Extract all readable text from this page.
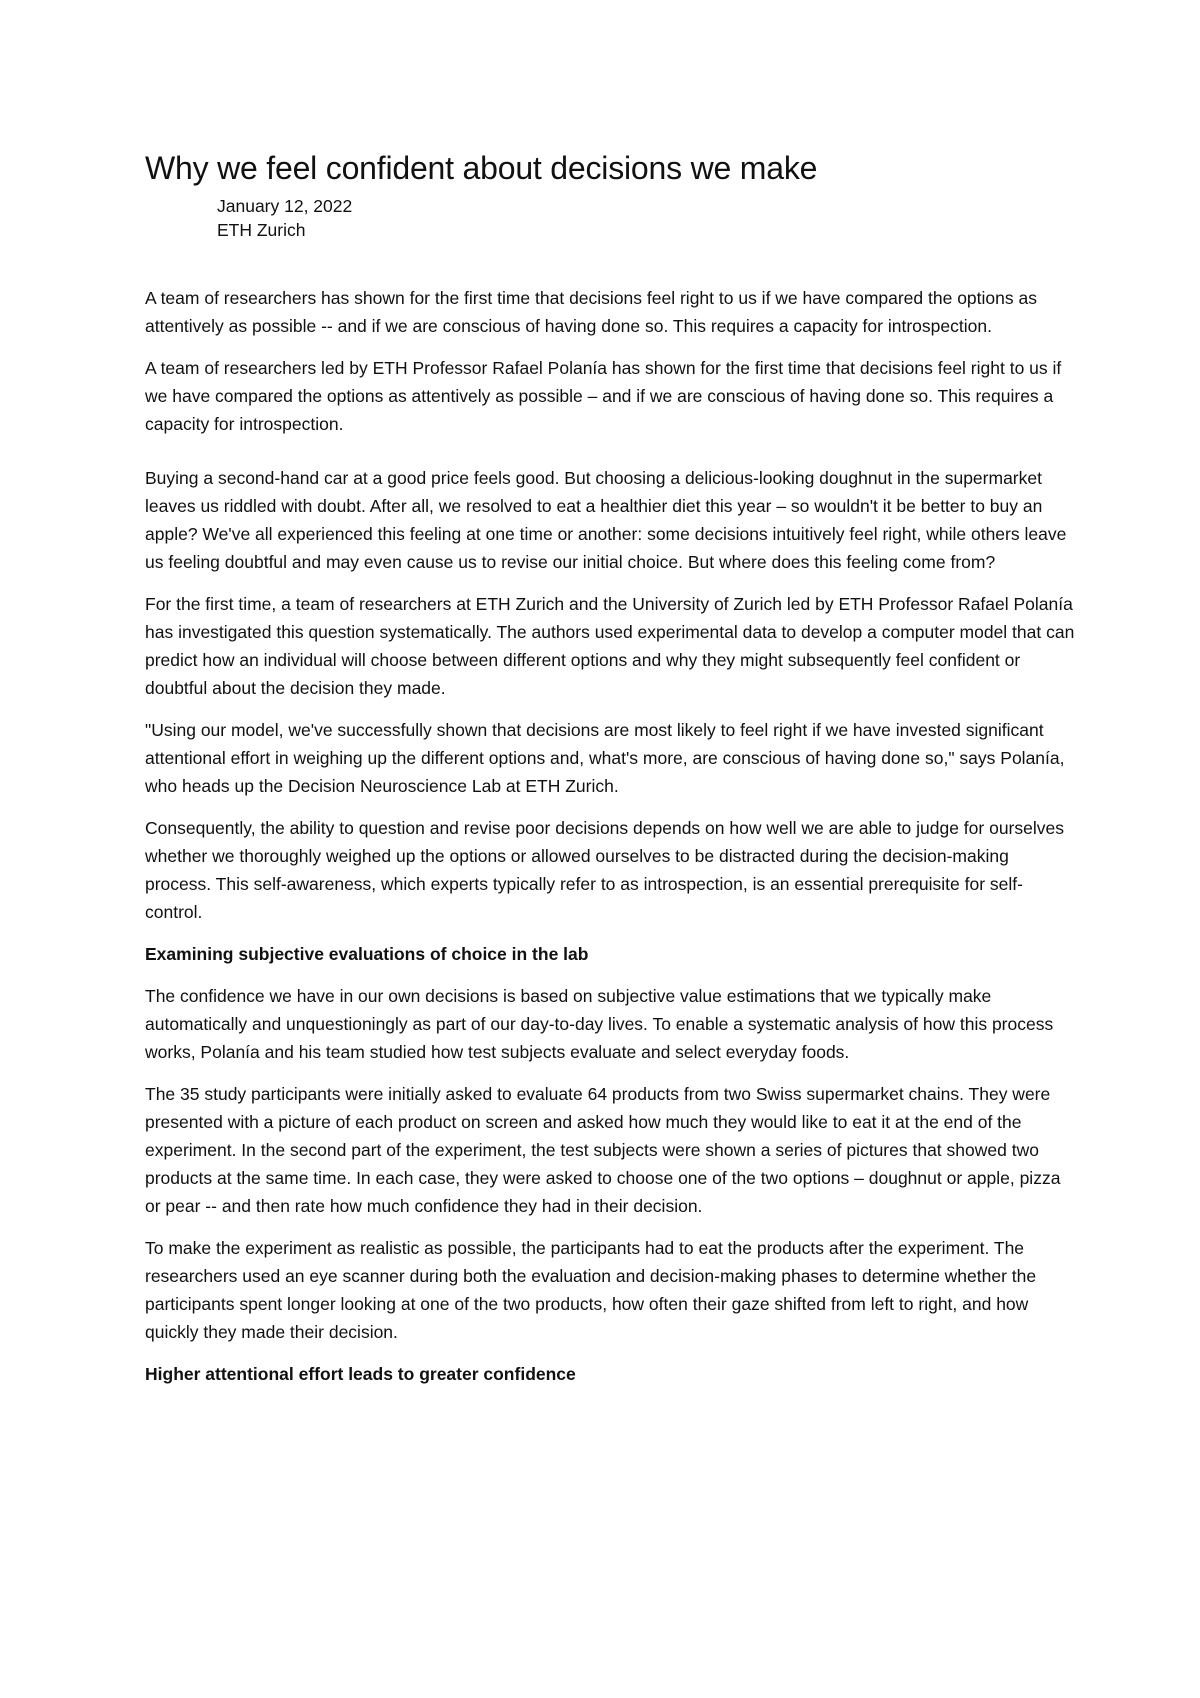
Why we feel confident about decisions we make
January 12, 2022
ETH Zurich

A team of researchers has shown for the first time that decisions feel right to us if we have compared the options as attentively as possible -- and if we are conscious of having done so. This requires a capacity for introspection.

A team of researchers led by ETH Professor Rafael Polanía has shown for the first time that decisions feel right to us if we have compared the options as attentively as possible – and if we are conscious of having done so. This requires a capacity for introspection.

Buying a second-hand car at a good price feels good. But choosing a delicious-looking doughnut in the supermarket leaves us riddled with doubt. After all, we resolved to eat a healthier diet this year – so wouldn't it be better to buy an apple? We've all experienced this feeling at one time or another: some decisions intuitively feel right, while others leave us feeling doubtful and may even cause us to revise our initial choice. But where does this feeling come from?

For the first time, a team of researchers at ETH Zurich and the University of Zurich led by ETH Professor Rafael Polanía has investigated this question systematically. The authors used experimental data to develop a computer model that can predict how an individual will choose between different options and why they might subsequently feel confident or doubtful about the decision they made.

"Using our model, we've successfully shown that decisions are most likely to feel right if we have invested significant attentional effort in weighing up the different options and, what's more, are conscious of having done so," says Polanía, who heads up the Decision Neuroscience Lab at ETH Zurich.

Consequently, the ability to question and revise poor decisions depends on how well we are able to judge for ourselves whether we thoroughly weighed up the options or allowed ourselves to be distracted during the decision-making process. This self-awareness, which experts typically refer to as introspection, is an essential prerequisite for self-control.

Examining subjective evaluations of choice in the lab

The confidence we have in our own decisions is based on subjective value estimations that we typically make automatically and unquestioningly as part of our day-to-day lives. To enable a systematic analysis of how this process works, Polanía and his team studied how test subjects evaluate and select everyday foods.

The 35 study participants were initially asked to evaluate 64 products from two Swiss supermarket chains. They were presented with a picture of each product on screen and asked how much they would like to eat it at the end of the experiment. In the second part of the experiment, the test subjects were shown a series of pictures that showed two products at the same time. In each case, they were asked to choose one of the two options – doughnut or apple, pizza or pear -- and then rate how much confidence they had in their decision.

To make the experiment as realistic as possible, the participants had to eat the products after the experiment. The researchers used an eye scanner during both the evaluation and decision-making phases to determine whether the participants spent longer looking at one of the two products, how often their gaze shifted from left to right, and how quickly they made their decision.

Higher attentional effort leads to greater confidence
